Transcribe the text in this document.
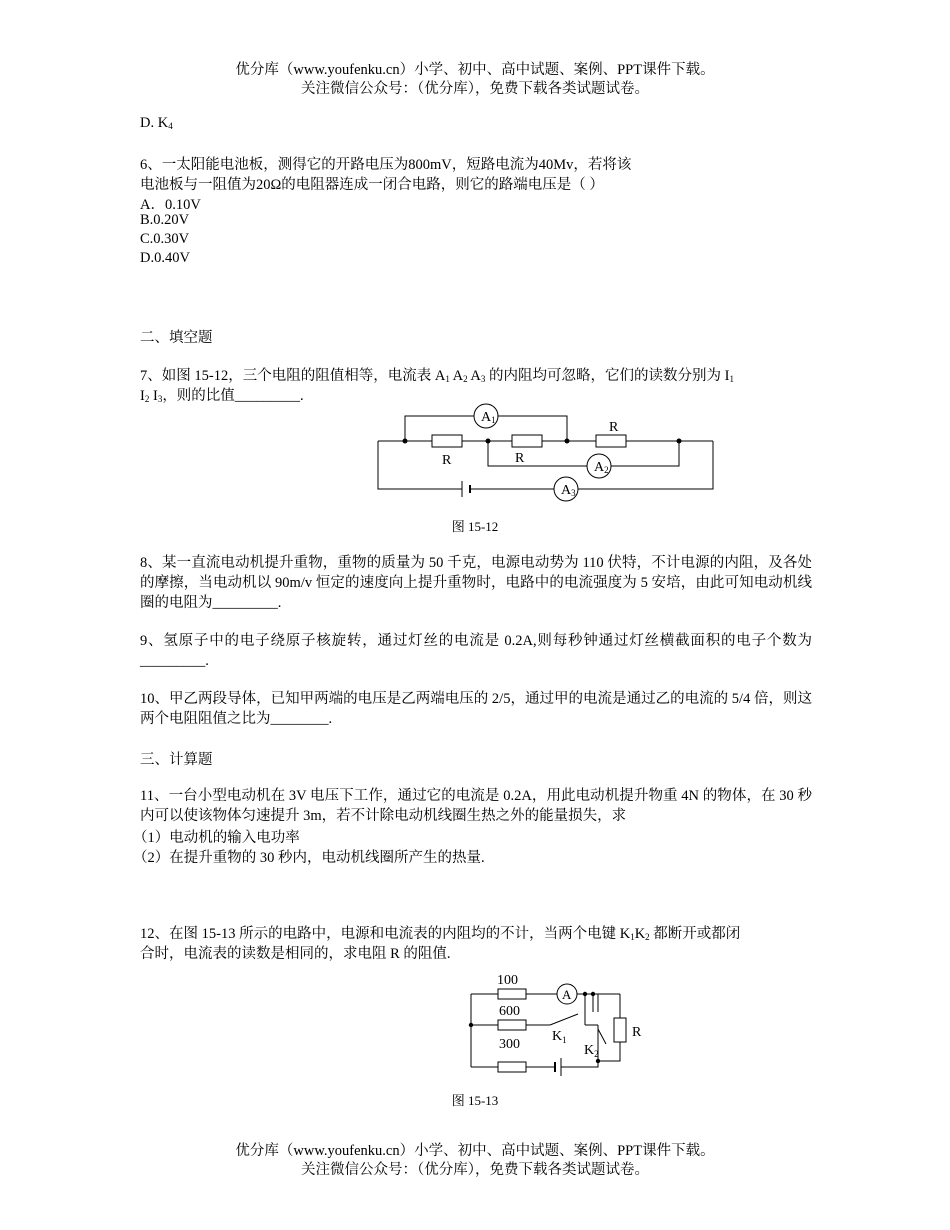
优分库（www.youfenku.cn）小学、初中、高中试题、案例、PPT课件下载。
关注微信公众号：（优分库），免费下载各类试题试卷。
D. $K_4$
6、一太阳能电池板，测得它的开路电压为800mV，短路电流为40Mv，若将该
电池板与一阻值为20Ω的电阻器连成一闭合电路，则它的路端电压是（ ）
A．0.10V
B.0.20V
C.0.30V
D.0.40V
二、填空题
7、如图 15-12，三个电阻的阻值相等，电流表 $A_1$ $A_2$ $A_3$ 的内阻均可忽略，它们的读数分别为 $I_1$
$I_2$ $I_3$，则的比值_________.
A1
A2
A3
R	R
R
图 15-12
8、某一直流电动机提升重物，重物的质量为 50 千克，电源电动势为 110 伏特，不计电源的内阻，及各处的摩擦，当电动机以 90m/v 恒定的速度向上提升重物时，电路中的电流强度为 5 安培，由此可知电动机线圈的电阻为_________.
9、氢原子中的电子绕原子核旋转，通过灯丝的电流是 0.2A,则每秒钟通过灯丝横截面积的电子个数为_________.
10、甲乙两段导体，已知甲两端的电压是乙两端电压的 2/5，通过甲的电流是通过乙的电流的 5/4 倍，则这两个电阻阻值之比为________.
三、计算题
11、一台小型电动机在 3V 电压下工作，通过它的电流是 0.2A，用此电动机提升物重 4N 的物体，在 30 秒内可以使该物体匀速提升 3m，若不计除电动机线圈生热之外的能量损失，求
（1）电动机的输入电功率
（2）在提升重物的 30 秒内，电动机线圈所产生的热量.
12、在图 15-13 所示的电路中，电源和电流表的内阻均的不计，当两个电键 $K_1K_2$ 都断开或都闭
合时，电流表的读数是相同的，求电阻 R 的阻值.
100
600
300
A
$K_1$
$K_2$
R
图 15-13
优分库（www.youfenku.cn）小学、初中、高中试题、案例、PPT课件下载。
关注微信公众号：（优分库），免费下载各类试题试卷。
